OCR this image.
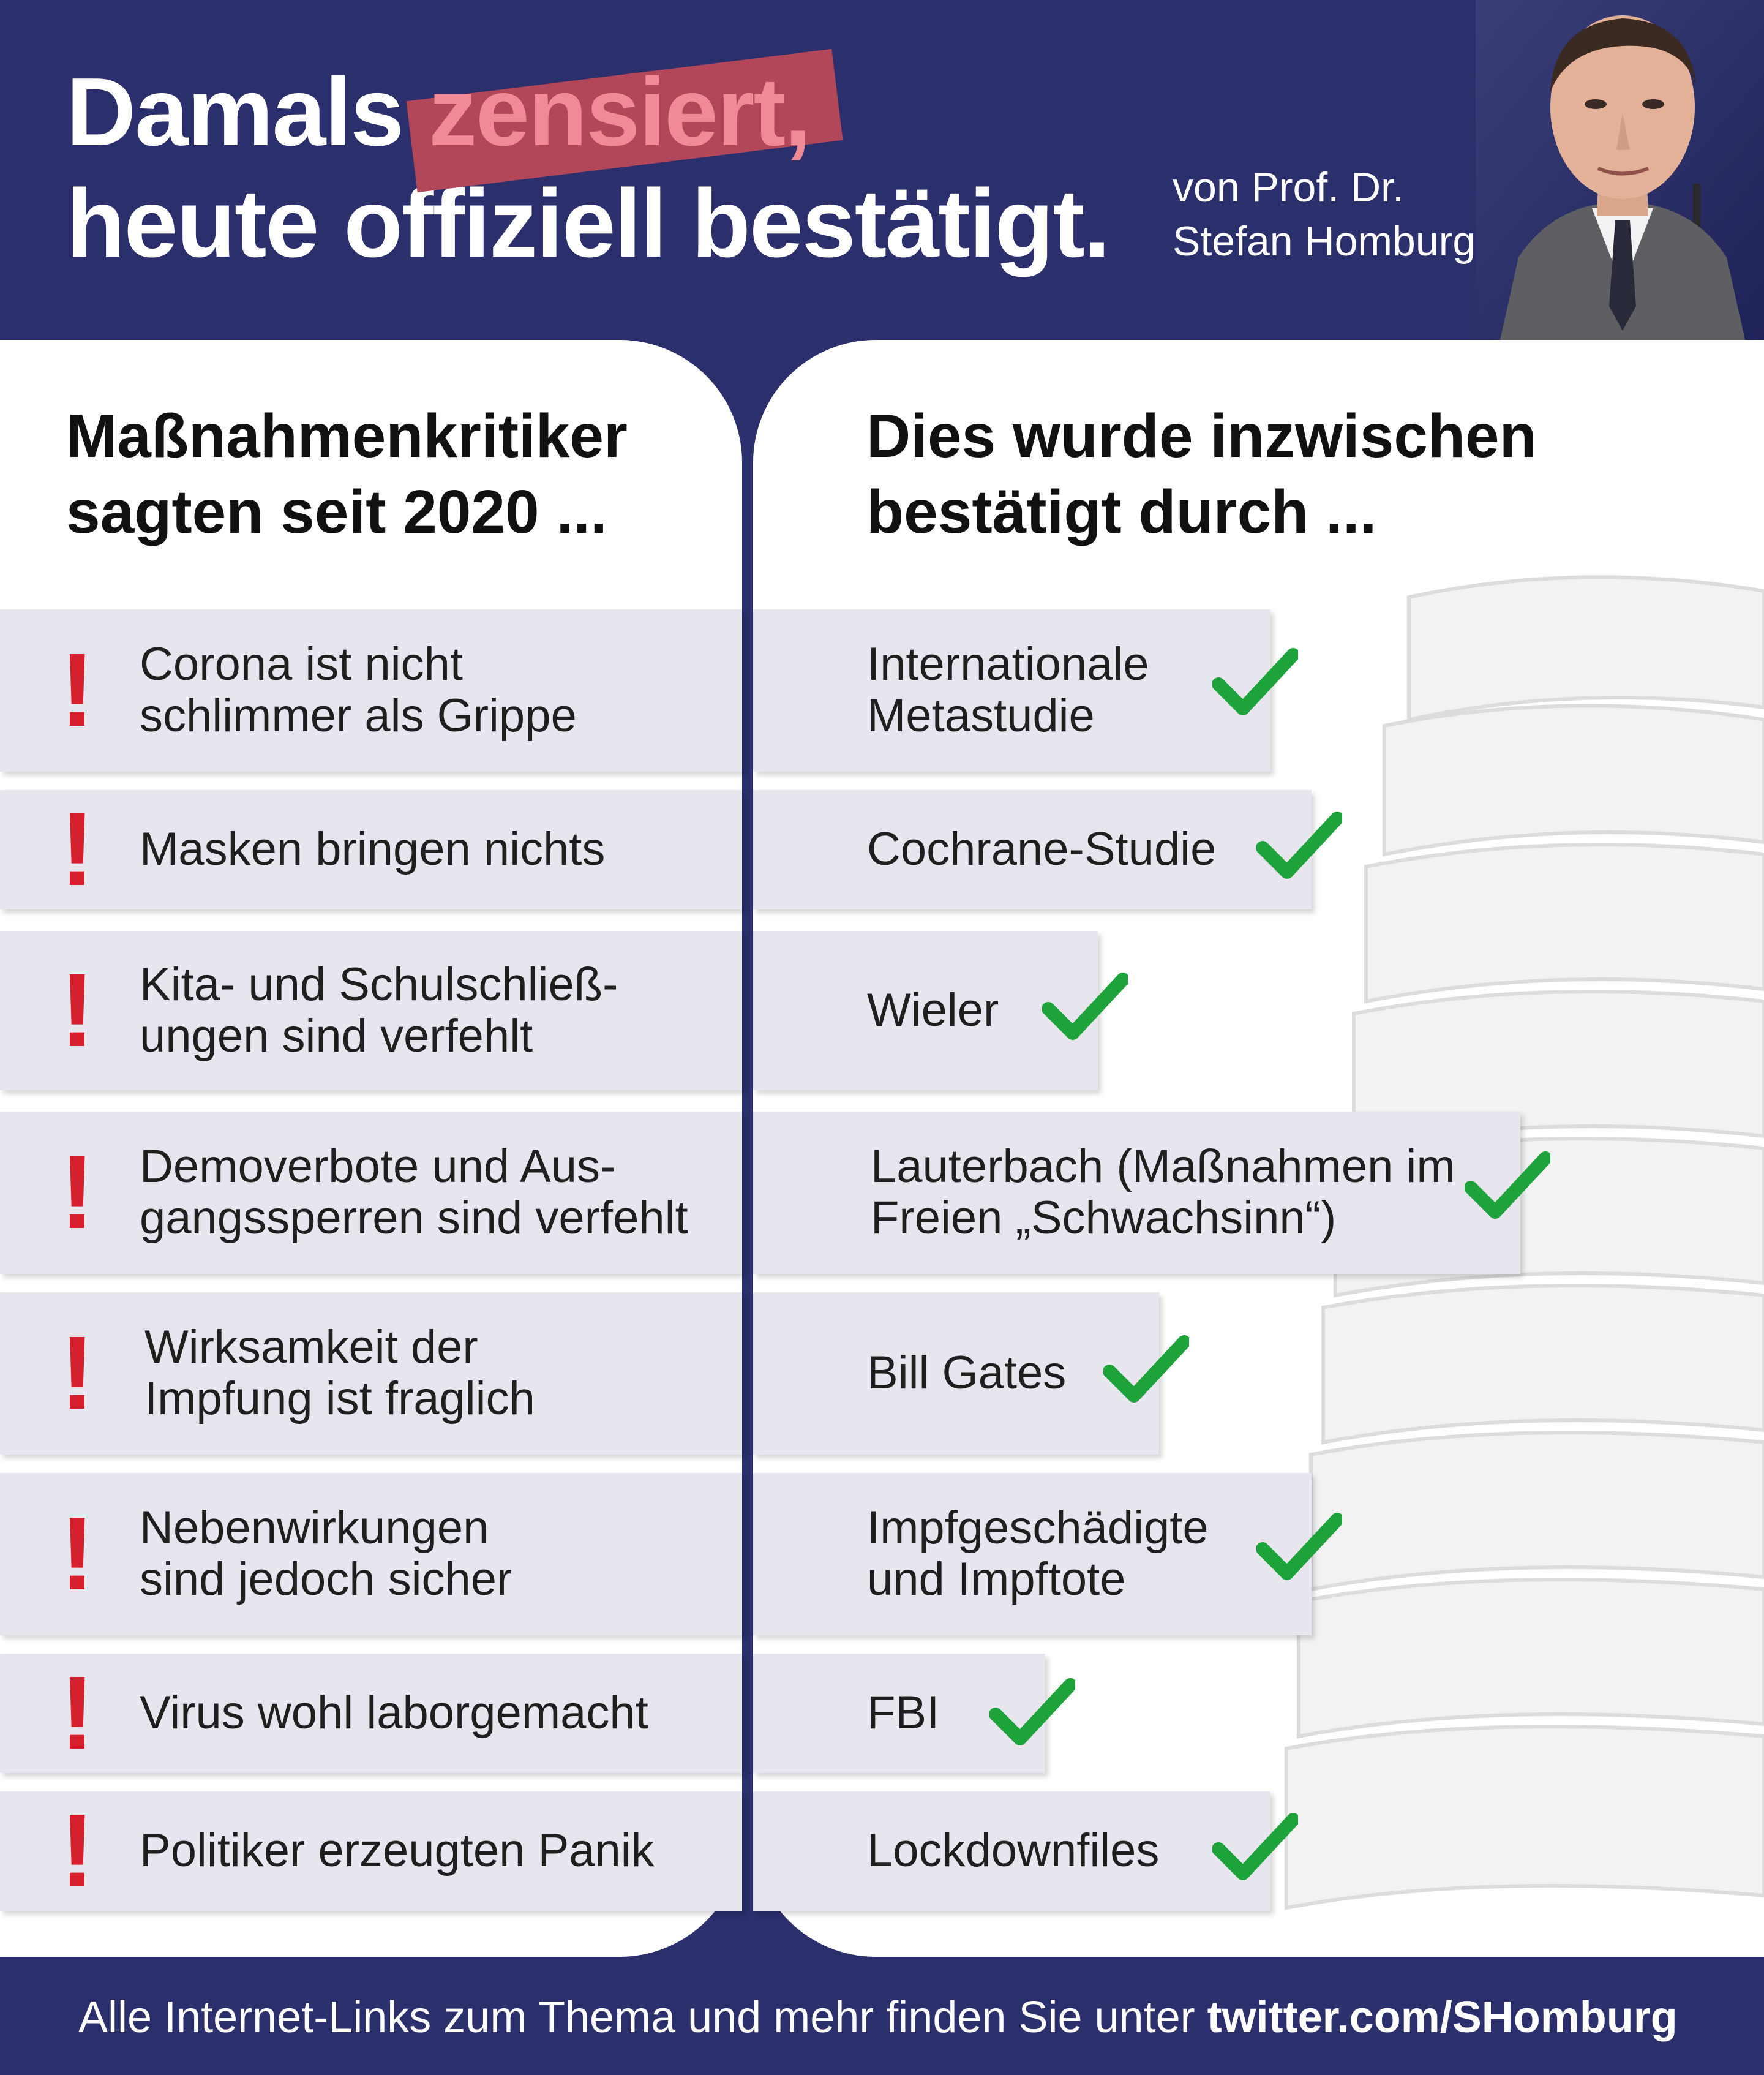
Damals zensiert,
heute offiziell bestätigt. von Prof. Dr.
Stefan Homburg
Maßnahmenkritiker
sagten seit 2020 ...
Dies wurde inzwischen
bestätigt durch ...
! Corona ist nicht
schlimmer als Grippe
! Masken bringen nichts
! Kita- und Schulschließ-
ungen sind verfehlt
! Demoverbote und Aus-
gangssperren sind verfehlt
! Wirksamkeit der
Impfung ist fraglich
! Nebenwirkungen
sind jedoch sicher
! Virus wohl laborgemacht
! Politiker erzeugten Panik
Internationale
Metastudie
Cochrane-Studie
Wieler
Lauterbach (Maßnahmen im
Freien „Schwachsinn“)
Bill Gates
Impfgeschädigte
und Impftote
FBI
Lockdownfiles
Alle Internet-Links zum Thema und mehr finden Sie unter twitter.com/SHomburg
